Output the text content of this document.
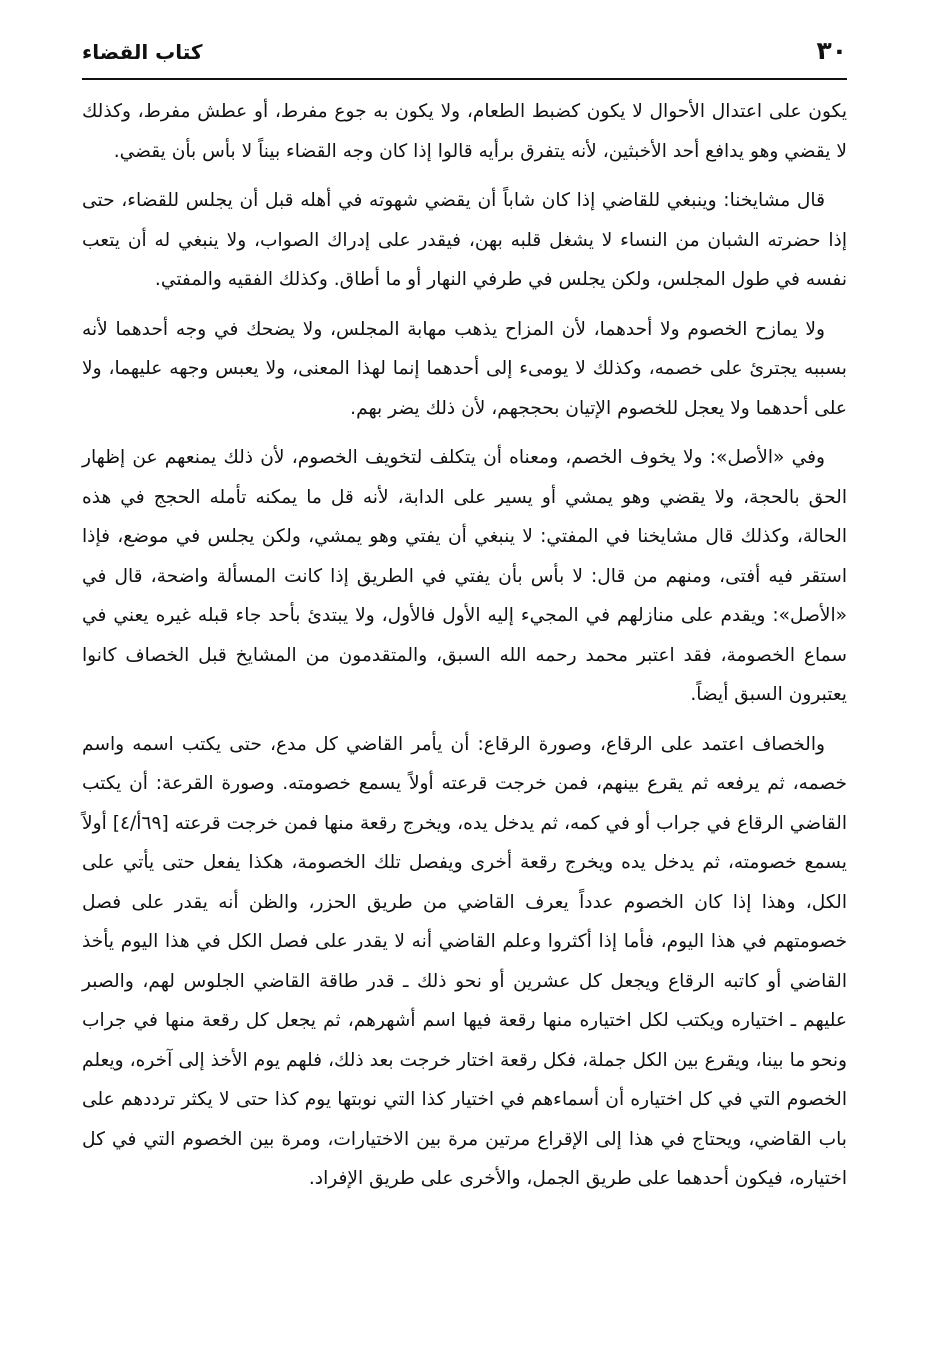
٣٠
كتاب القضاء

يكون على اعتدال الأحوال لا يكون كضبط الطعام، ولا يكون به جوع مفرط، أو عطش مفرط، وكذلك لا يقضي وهو يدافع أحد الأخبثين، لأنه يتفرق برأيه قالوا إذا كان وجه القضاء بيناً لا بأس بأن يقضي.

قال مشايخنا: وينبغي للقاضي إذا كان شاباً أن يقضي شهوته في أهله قبل أن يجلس للقضاء، حتى إذا حضرته الشبان من النساء لا يشغل قلبه بهن، فيقدر على إدراك الصواب، ولا ينبغي له أن يتعب نفسه في طول المجلس، ولكن يجلس في طرفي النهار أو ما أطاق. وكذلك الفقيه والمفتي.

ولا يمازح الخصوم ولا أحدهما، لأن المزاح يذهب مهابة المجلس، ولا يضحك في وجه أحدهما لأنه بسببه يجترئ على خصمه، وكذلك لا يومىء إلى أحدهما إنما لهذا المعنى، ولا يعبس وجهه عليهما، ولا على أحدهما ولا يعجل للخصوم الإتيان بحججهم، لأن ذلك يضر بهم.

وفي «الأصل»: ولا يخوف الخصم، ومعناه أن يتكلف لتخويف الخصوم، لأن ذلك يمنعهم عن إظهار الحق بالحجة، ولا يقضي وهو يمشي أو يسير على الدابة، لأنه قل ما يمكنه تأمله الحجج في هذه الحالة، وكذلك قال مشايخنا في المفتي: لا ينبغي أن يفتي وهو يمشي، ولكن يجلس في موضع، فإذا استقر فيه أفتى، ومنهم من قال: لا بأس بأن يفتي في الطريق إذا كانت المسألة واضحة، قال في «الأصل»: ويقدم على منازلهم في المجيء إليه الأول فالأول، ولا يبتدئ بأحد جاء قبله غيره يعني في سماع الخصومة، فقد اعتبر محمد رحمه الله السبق، والمتقدمون من المشايخ قبل الخصاف كانوا يعتبرون السبق أيضاً.

والخصاف اعتمد على الرقاع، وصورة الرقاع: أن يأمر القاضي كل مدع، حتى يكتب اسمه واسم خصمه، ثم يرفعه ثم يقرع بينهم، فمن خرجت قرعته أولاً يسمع خصومته. وصورة القرعة: أن يكتب القاضي الرقاع في جراب أو في كمه، ثم يدخل يده، ويخرج رقعة منها فمن خرجت قرعته [٦٩أ/٤] أولاً يسمع خصومته، ثم يدخل يده ويخرج رقعة أخرى ويفصل تلك الخصومة، هكذا يفعل حتى يأتي على الكل، وهذا إذا كان الخصوم عدداً يعرف القاضي من طريق الحزر، والظن أنه يقدر على فصل خصومتهم في هذا اليوم، فأما إذا أكثروا وعلم القاضي أنه لا يقدر على فصل الكل في هذا اليوم يأخذ القاضي أو كاتبه الرقاع ويجعل كل عشرين أو نحو ذلك ـ قدر طاقة القاضي الجلوس لهم، والصبر عليهم ـ اختياره ويكتب لكل اختياره منها رقعة فيها اسم أشهرهم، ثم يجعل كل رقعة منها في جراب ونحو ما بينا، ويقرع بين الكل جملة، فكل رقعة اختار خرجت بعد ذلك، فلهم يوم الأخذ إلى آخره، ويعلم الخصوم التي في كل اختياره أن أسماءهم في اختيار كذا التي نوبتها يوم كذا حتى لا يكثر ترددهم على باب القاضي، ويحتاج في هذا إلى الإقراع مرتين مرة بين الاختيارات، ومرة بين الخصوم التي في كل اختياره، فيكون أحدهما على طريق الجمل، والأخرى على طريق الإفراد.
